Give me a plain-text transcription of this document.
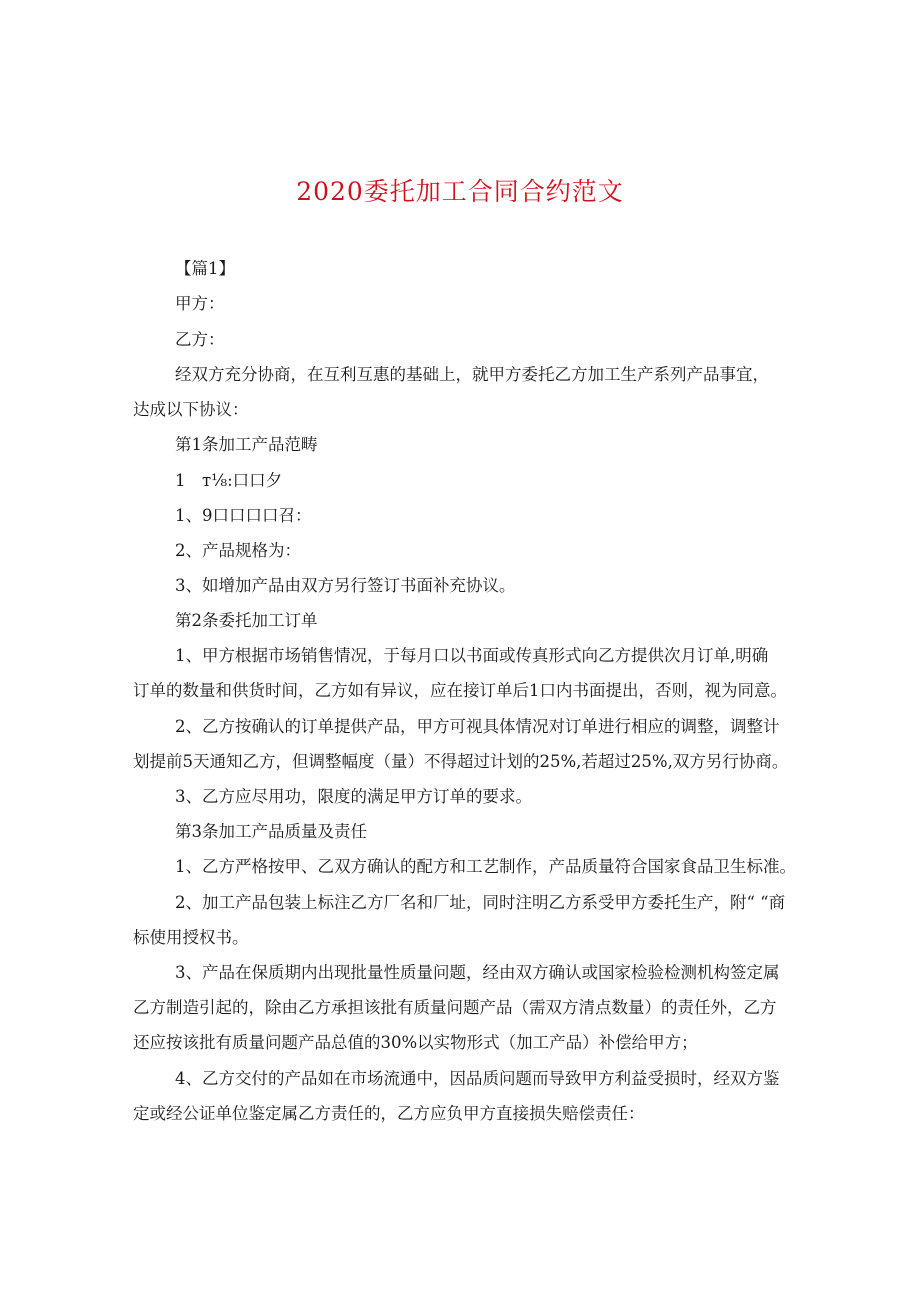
2020委托加工合同合约范文
【篇1】
甲方：
乙方：
经双方充分协商，在互利互惠的基础上，就甲方委托乙方加工生产系列产品事宜，
达成以下协议：
第1条加工产品范畴
1　т⅛:口口夕
1、9口口口口召：
2、产品规格为：
3、如增加产品由双方另行签订书面补充协议。
第2条委托加工订单
1、甲方根据市场销售情况，于每月口以书面或传真形式向乙方提供次月订单,明确
订单的数量和供货时间，乙方如有异议，应在接订单后1口内书面提出，否则，视为同意。
2、乙方按确认的订单提供产品，甲方可视具体情况对订单进行相应的调整，调整计
划提前5天通知乙方，但调整幅度（量）不得超过计划的25%,若超过25%,双方另行协商。
3、乙方应尽用功，限度的满足甲方订单的要求。
第3条加工产品质量及责任
1、乙方严格按甲、乙双方确认的配方和工艺制作，产品质量符合国家食品卫生标准。
2、加工产品包装上标注乙方厂名和厂址，同时注明乙方系受甲方委托生产，附“ “商
标使用授权书。
3、产品在保质期内出现批量性质量问题，经由双方确认或国家检验检测机构签定属
乙方制造引起的，除由乙方承担该批有质量问题产品（需双方清点数量）的责任外，乙方
还应按该批有质量问题产品总值的30%以实物形式（加工产品）补偿给甲方；
4、乙方交付的产品如在市场流通中，因品质问题而导致甲方利益受损时，经双方鉴
定或经公证单位鉴定属乙方责任的，乙方应负甲方直接损失赔偿责任：
